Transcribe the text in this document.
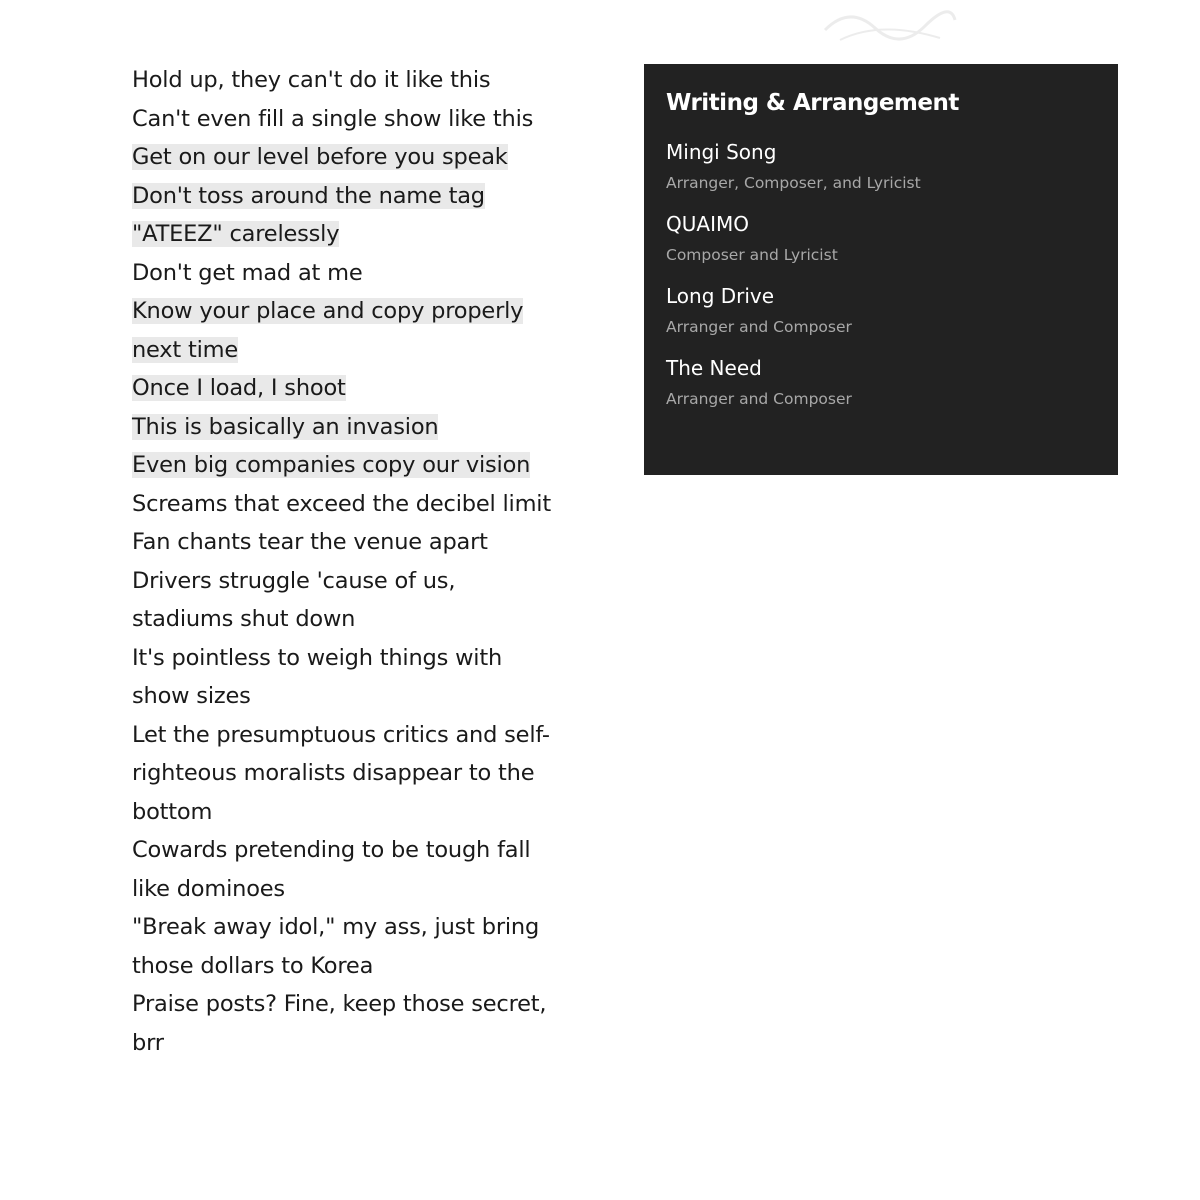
Hold up, they can't do it like this
Can't even fill a single show like this
Get on our level before you speak
Don't toss around the name tag "ATEEZ" carelessly
Don't get mad at me
Know your place and copy properly next time
Once I load, I shoot
This is basically an invasion
Even big companies copy our vision
Screams that exceed the decibel limit
Fan chants tear the venue apart
Drivers struggle 'cause of us, stadiums shut down
It's pointless to weigh things with show sizes
Let the presumptuous critics and self-righteous moralists disappear to the bottom
Cowards pretending to be tough fall like dominoes
"Break away idol," my ass, just bring those dollars to Korea
Praise posts? Fine, keep those secret, brr
Writing & Arrangement
Mingi Song
Arranger, Composer, and Lyricist
QUAIMO
Composer and Lyricist
Long Drive
Arranger and Composer
The Need
Arranger and Composer
